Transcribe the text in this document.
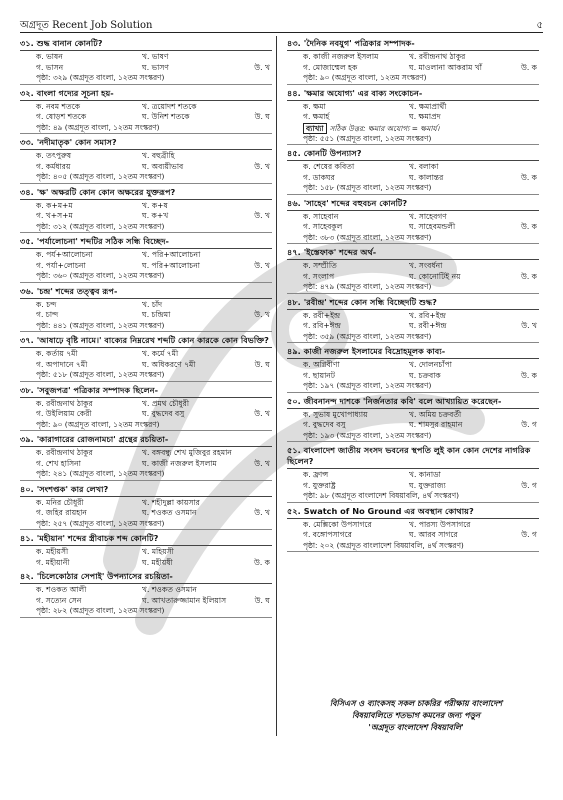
অগ্রদূত Recent Job Solution	৫
৩১. শুদ্ধ বানান কোনটি?
ক. ভাষন	খ. ভাষণ
গ. ভাসন	ঘ. ভাসণ	উ. খ
পৃষ্ঠা: ৩২৯ (অগ্রদূত বাংলা, ১২তম সংস্করণ)
৩২. বাংলা গদ্যের সূচনা হয়-
ক. নবম শতকে	খ. ত্রয়োদশ শতকে
গ. ষোড়শ শতকে	ঘ. উনিশ শতকে	উ. ঘ
পৃষ্ঠা: ৪৯ (অগ্রদূত বাংলা, ১২তম সংস্করণ)
৩৩. 'নদীমাতৃক' কোন সমাস?
ক. তৎপুরুষ	খ. বহুব্রীহি
গ. কর্মধারয়	ঘ. অব্যয়ীভাব	উ. খ
পৃষ্ঠা: ৪০৫ (অগ্রদূত বাংলা, ১২তম সংস্করণ)
৩৪. 'ক্ষ' অক্ষরটি কোন কোন অক্ষরের যুক্তরূপ?
ক. ক+ম+ম	খ. ক+ষ
গ. খ+স+ম	ঘ. ক+খ	উ. খ
পৃষ্ঠা: ৩১২ (অগ্রদূত বাংলা, ১২তম সংস্করণ)
৩৫. 'পর্যালোচনা' শব্দটির সঠিক সন্ধি বিচ্ছেদ-
ক. পর্য+আলোচনা	খ. পরি+আলোচনা
গ. পর্যা+লোচনা	ঘ. পরি+আলোচনা	উ. খ
পৃষ্ঠা: ৩৬০ (অগ্রদূত বাংলা, ১২তম সংস্করণ)
৩৬. 'চন্দ্র' শব্দের তত্ত্বব রূপ-
ক. চন্দ	খ. চাঁদ
গ. চান্দ	ঘ. চন্দ্রিমা	উ. খ
পৃষ্ঠা: ৪৪১ (অগ্রদূত বাংলা, ১২তম সংস্করণ)
৩৭. 'আষাঢ়ে বৃষ্টি নামে।' বাক্যের নিম্নরেখ শব্দটি কোন কারকে কোন বিভক্তি?
ক. কর্তায় ৭মী	খ. কর্মে ৭মী
গ. অপাদানে ৭মী	ঘ. অধিকরণে ৭মী	উ. ঘ
পৃষ্ঠা: ৫১৮ (অগ্রদূত বাংলা, ১২তম সংস্করণ)
৩৮. 'সবুজপত্র' পত্রিকার সম্পাদক ছিলেন-
ক. রবীন্দ্রনাথ ঠাকুর	খ. প্রমথ চৌধুরী
গ. উইলিয়াম কেরী	ঘ. বুদ্ধদেব বসু	উ. খ
পৃষ্ঠা: ৯০ (অগ্রদূত বাংলা, ১২তম সংস্করণ)
৩৯. 'কারাগারের রোজনামচা' গ্রন্থের রচয়িতা-
ক. রবীন্দ্রনাথ ঠাকুর	খ. বঙ্গবন্ধু শেখ মুজিবুর রহমান
গ. শেখ হাসিনা	ঘ. কাজী নজরুল ইসলাম	উ. খ
পৃষ্ঠা: ২৪১ (অগ্রদূত বাংলা, ১২তম সংস্করণ)
৪০. 'সংশপ্তক' কার লেখা?
ক. মনির চৌধুরী	খ. শহীদুল্লা কায়সার
গ. জহির রায়হান	ঘ. শওকত ওসমান	উ. খ
পৃষ্ঠা: ২৫৭ (অগ্রদূত বাংলা, ১২তম সংস্করণ)
৪১. 'মহীয়ান' শব্দের স্ত্রীবাচক শব্দ কোনটি?
ক. মহীয়সী	খ. মহিয়সী
গ. মহীয়ানী	ঘ. মহীয়ষী	উ. ক
৪২. 'চিলেকোঠার সেপাই' উপন্যাসের রচয়িতা-
ক. শওকত আলী	খ. শওকত ওসমান
গ. সত্যেন সেন	ঘ. আখতারুজ্জামান ইলিয়াস	উ. ঘ
পৃষ্ঠা: ২৮২ (অগ্রদূত বাংলা, ১২তম সংস্করণ)
৪৩. 'দৈনিক নবযুগ' পত্রিকার সম্পাদক-
ক. কাজী নজরুল ইসলাম	খ. রবীন্দ্রনাথ ঠাকুর
গ. মোজাম্মেল হক	ঘ. মাওলানা আকরাম খাঁ	উ. ক
পৃষ্ঠা: ৯০ (অগ্রদূত বাংলা, ১২তম সংস্করণ)
৪৪. 'ক্ষমার অযোগ্য' এর বাক্য সংকোচন-
ক. ক্ষমা	খ. ক্ষমাপ্রার্থী
গ. ক্ষমার্হ	ঘ. ক্ষমাপ্রদ
ব্যাখ্যা সঠিক উত্তর: ক্ষমার অযোগ্য = ক্ষমার্য।
পৃষ্ঠা: ৫৫১ (অগ্রদূত বাংলা, ১২তম সংস্করণ)
৪৫. কোনটি উপন্যাস?
ক. শেষের কবিতা	খ. বলাকা
গ. ডাকঘর	ঘ. কালান্তর	উ. ক
পৃষ্ঠা: ১৫৮ (অগ্রদূত বাংলা, ১২তম সংস্করণ)
৪৬. 'সাহেব' শব্দের বহুবচন কোনটি?
ক. সাহেবান	খ. সাহেবগণ
গ. সাহেবকুল	ঘ. সাহেবমন্ডলী	উ. ক
পৃষ্ঠা: ৩৮৩ (অগ্রদূত বাংলা, ১২তম সংস্করণ)
৪৭. 'ইস্তেফাক' শব্দের অর্থ-
ক. সম্প্রীতি	খ. সংবর্ধনা
গ. সংলাপ	ঘ. কোনোটিই নয়	উ. ক
পৃষ্ঠা: ৪৭৯ (অগ্রদূত বাংলা, ১২তম সংস্করণ)
৪৮. 'রবীন্দ্র' শব্দের কোন সন্ধি বিচ্ছেদটি শুদ্ধ?
ক. রবী+ইন্দ্র	খ. রবি+ইন্দ্র
গ. রবি+ঈন্দ্র	ঘ. রবী+ঈন্দ্র	উ. খ
পৃষ্ঠা: ৩৫৯ (অগ্রদূত বাংলা, ১২তম সংস্করণ)
৪৯. কাজী নজরুল ইসলামের বিদ্রোহমূলক কাব্য-
ক. অগ্নিবীণা	খ. দোলনচাঁপা
গ. ছায়ানট	ঘ. চক্রবাক	উ. ক
পৃষ্ঠা: ১৯৭ (অগ্রদূত বাংলা, ১২তম সংস্করণ)
৫০. জীবনানন্দ দাশকে 'নির্জনতার কবি' বলে আখ্যায়িত করেছেন-
ক. সুভাষ মুখোপাধ্যায়	খ. অমিয় চক্রবর্তী
গ. বুদ্ধদেব বসু	ঘ. শামসুর রাহমান	উ. গ
পৃষ্ঠা: ১৯৩ (অগ্রদূত বাংলা, ১২তম সংস্করণ)
৫১. বাংলাদেশ জাতীয় সংসদ ভবনের স্থপতি লুই কান কোন দেশের নাগরিক ছিলেন?
ক. ফ্রান্স	খ. কানাডা
গ. যুক্তরাষ্ট্র	ঘ. যুক্তরাজ্য	উ. গ
পৃষ্ঠা: ৯৮ (অগ্রদূত বাংলাদেশ বিষয়াবলি, ৪র্থ সংস্করণ)
৫২. Swatch of No Ground এর অবস্থান কোথায়?
ক. মেক্সিকো উপসাগরে	খ. পারস্য উপসাগরে
গ. বঙ্গোপসাগরে	ঘ. আরব সাগরে	উ. গ
পৃষ্ঠা: ২০২ (অগ্রদূত বাংলাদেশ বিষয়াবলি, ৪র্থ সংস্করণ)
বিসিএস ও ব্যাংকসহ সকল চাকরির পরীক্ষায় বাংলাদেশ
বিষয়াবলিতে শতভাগ কমনের জন্য পড়ুন
'অগ্রদূত বাংলাদেশ বিষয়াবলি'
